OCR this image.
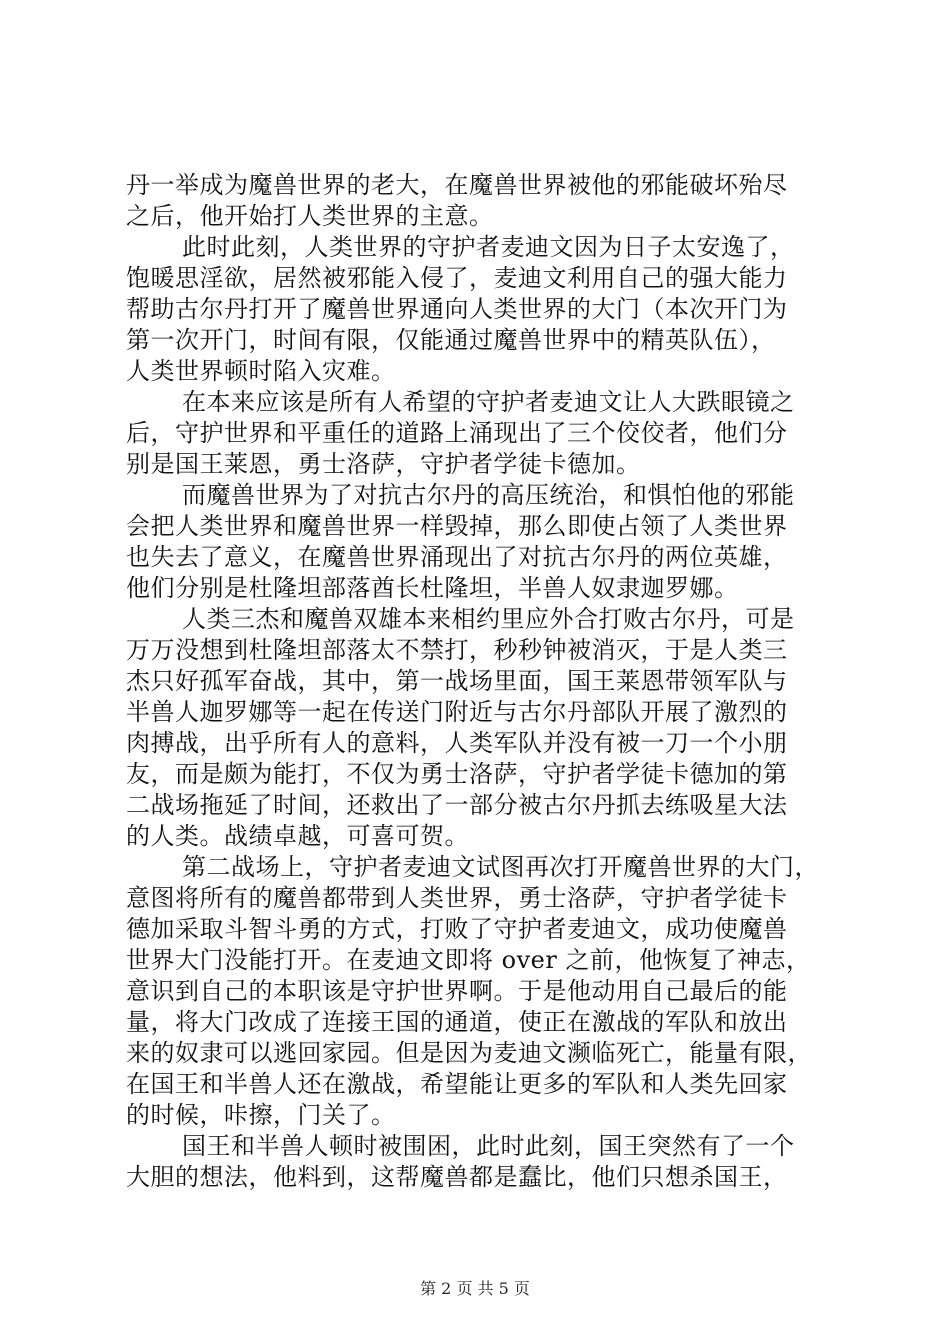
丹一举成为魔兽世界的老大，在魔兽世界被他的邪能破坏殆尽
之后，他开始打人类世界的主意。
此时此刻，人类世界的守护者麦迪文因为日子太安逸了，
饱暖思淫欲，居然被邪能入侵了，麦迪文利用自己的强大能力
帮助古尔丹打开了魔兽世界通向人类世界的大门（本次开门为
第一次开门，时间有限，仅能通过魔兽世界中的精英队伍），
人类世界顿时陷入灾难。
在本来应该是所有人希望的守护者麦迪文让人大跌眼镜之
后，守护世界和平重任的道路上涌现出了三个佼佼者，他们分
别是国王莱恩，勇士洛萨，守护者学徒卡德加。
而魔兽世界为了对抗古尔丹的高压统治，和惧怕他的邪能
会把人类世界和魔兽世界一样毁掉，那么即使占领了人类世界
也失去了意义，在魔兽世界涌现出了对抗古尔丹的两位英雄，
他们分别是杜隆坦部落酋长杜隆坦，半兽人奴隶迦罗娜。
人类三杰和魔兽双雄本来相约里应外合打败古尔丹，可是
万万没想到杜隆坦部落太不禁打，秒秒钟被消灭，于是人类三
杰只好孤军奋战，其中，第一战场里面，国王莱恩带领军队与
半兽人迦罗娜等一起在传送门附近与古尔丹部队开展了激烈的
肉搏战，出乎所有人的意料，人类军队并没有被一刀一个小朋
友，而是颇为能打，不仅为勇士洛萨，守护者学徒卡德加的第
二战场拖延了时间，还救出了一部分被古尔丹抓去练吸星大法
的人类。战绩卓越，可喜可贺。
第二战场上，守护者麦迪文试图再次打开魔兽世界的大门，
意图将所有的魔兽都带到人类世界，勇士洛萨，守护者学徒卡
德加采取斗智斗勇的方式，打败了守护者麦迪文，成功使魔兽
世界大门没能打开。在麦迪文即将 over 之前，他恢复了神志，
意识到自己的本职该是守护世界啊。于是他动用自己最后的能
量，将大门改成了连接王国的通道，使正在激战的军队和放出
来的奴隶可以逃回家园。但是因为麦迪文濒临死亡，能量有限，
在国王和半兽人还在激战，希望能让更多的军队和人类先回家
的时候，咔擦，门关了。
国王和半兽人顿时被围困，此时此刻，国王突然有了一个
大胆的想法，他料到，这帮魔兽都是蠢比，他们只想杀国王，
第 2 页 共 5 页
